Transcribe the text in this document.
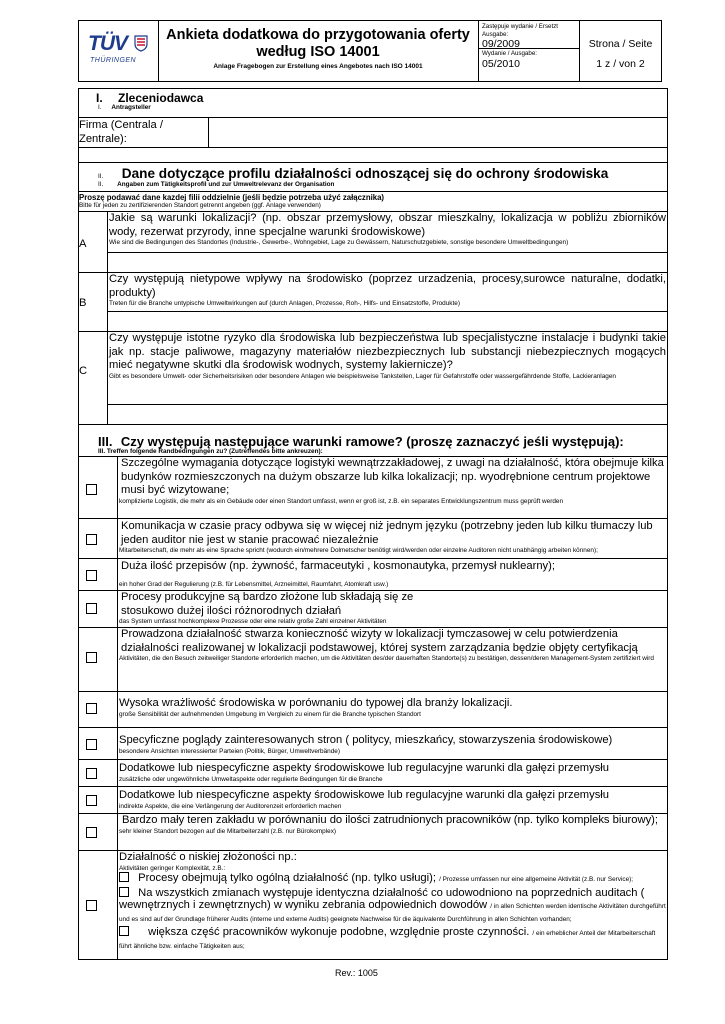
TÜV
THÜRINGEN
Ankieta dodatkowa do przygotowania oferty
według ISO 14001
Anlage Fragebogen zur Erstellung eines Angebotes nach ISO 14001
Zastępuje wydanie / Ersetzt Ausgabe:
09/2009
Wydanie / Ausgabe:
05/2010
Strona / Seite
1 z / von 2
I. Zleceniodawca
I. Antragsteller
Firma (Centrala / Zentrale):
II. Dane dotyczące profilu działalności odnoszącej się do ochrony środowiska
II. Angaben zum Tätigkeitsprofil und zur Umweltrelevanz der Organisation
Proszę podawać dane kazdej filii oddzielnie (jeśli będzie potrzeba użyć załącznika)
Bitte für jeden zu zertifizierenden Standort getrennt angeben (ggf. Anlage verwenden)
A
Jakie są warunki lokalizacji? (np. obszar przemysłowy, obszar mieszkalny, lokalizacja w pobliżu zbiorników wody, rezerwat przyrody, inne specjalne warunki środowiskowe)
Wie sind die Bedingungen des Standortes (Industrie-, Gewerbe-, Wohngebiet, Lage zu Gewässern, Naturschutzgebiete, sonstige besondere Umweltbedingungen)
B
Czy występują nietypowe wpływy na środowisko (poprzez urzadzenia, procesy,surowce naturalne, dodatki, produkty)
Treten für die Branche untypische Umweltwirkungen auf (durch Anlagen, Prozesse, Roh-, Hilfs- und Einsatzstoffe, Produkte)
C
Czy występuje istotne ryzyko dla środowiska lub bezpieczeństwa lub specjalistyczne instalacje i budynki takie jak np. stacje paliwowe, magazyny materiałów niezbezpiecznych lub substancji niebezpiecznych mogących mieć negatywne skutki dla środowisk wodnych, systemy lakiernicze)?
Gibt es besondere Umwelt- oder Sicherheitsrisiken oder besondere Anlagen wie beispielsweise Tankstellen, Lager für Gefahrstoffe oder wassergefährdende Stoffe, Lackieranlagen
III. Czy występują następujące warunki ramowe? (proszę zaznaczyć jeśli występują):
III. Treffen folgende Randbedingungen zu? (Zutreffendes bitte ankreuzen):
Szczególne wymagania dotyczące logistyki wewnątrzzakładowej, z uwagi na działalność, która obejmuje kilka budynków rozmieszczonych na dużym obszarze lub kilka lokalizacji; np. wyodrębnione centrum projektowe musi być wizytowane;
komplizierte Logistik, die mehr als ein Gebäude oder einen Standort umfasst, wenn er groß ist, z.B. ein separates Entwicklungszentrum muss geprüft werden
Komunikacja w czasie pracy odbywa się w więcej niż jednym języku (potrzebny jeden lub kilku tłumaczy lub jeden auditor nie jest w stanie pracować niezależnie
Mitarbeiterschaft, die mehr als eine Sprache spricht (wodurch ein/mehrere Dolmetscher benötigt wird/werden oder einzelne Auditoren nicht unabhängig arbeiten können);
Duża ilość przepisów (np. żywność, farmaceutyki , kosmonautyka, przemysł nuklearny);
ein hoher Grad der Regulierung (z.B. für Lebensmittel, Arzneimittel, Raumfahrt, Atomkraft usw.)
Procesy produkcyjne są bardzo złożone lub składają się ze stosukowo dużej ilości różnorodnych działań
das System umfasst hochkomplexe Prozesse oder eine relativ große Zahl einzelner Aktivitäten
Prowadzona działalność stwarza konieczność wizyty w lokalizacji tymczasowej w celu potwierdzenia działalności realizowanej w lokalizacji podstawowej, której system zarządzania będzie objęty certyfikacją
Aktivitäten, die den Besuch zeitweiliger Standorte erforderlich machen, um die Aktivitäten des/der dauerhaften Standorte(s) zu bestätigen, dessen/deren Management-System zertifiziert wird
Wysoka wrażliwość środowiska w porównaniu do typowej dla branży lokalizacji.
große Sensibilität der aufnehmenden Umgebung im Vergleich zu einem für die Branche typischen Standort
Specyficzne poglądy zainteresowanych stron ( politycy, mieszkańcy, stowarzyszenia środowiskowe)
besondere Ansichten interessierter Parteien (Politik, Bürger, Umweltverbände)
Dodatkowe lub niespecyficzne aspekty środowiskowe lub regulacyjne warunki dla gałęzi przemysłu
zusätzliche oder ungewöhnliche Umweltaspekte oder regulierte Bedingungen für die Branche
Dodatkowe lub niespecyficzne aspekty środowiskowe lub regulacyjne warunki dla gałęzi przemysłu
indirekte Aspekte, die eine Verlängerung der Auditorenzeit erforderlich machen
Bardzo mały teren zakładu w porównaniu do ilości zatrudnionych pracowników (np. tylko kompleks biurowy);
sehr kleiner Standort bezogen auf die Mitarbeiterzahl (z.B. nur Bürokomplex)
Działalność o niskiej złożoności np.:
Aktivitäten geringer Komplexität, z.B.:
Procesy obejmują tylko ogólną działalność (np. tylko usługi); / Prozesse umfassen nur eine allgemeine Aktivität (z.B. nur Service);
Na wszystkich zmianach występuje identyczna działalność co udowodniono na poprzednich auditach ( wewnętrznych i zewnętrznych) w wyniku zebrania odpowiednich dowodów / in allen Schichten werden identische Aktivitäten durchgeführt und es sind auf der Grundlage früherer Audits (interne und externe Audits) geeignete Nachweise für die äquivalente Durchführung in allen Schichten vorhanden;
większa część pracowników wykonuje podobne, względnie proste czynności. / ein erheblicher Anteil der Mitarbeiterschaft führt ähnliche bzw. einfache Tätigkeiten aus;
Rev.: 1005
